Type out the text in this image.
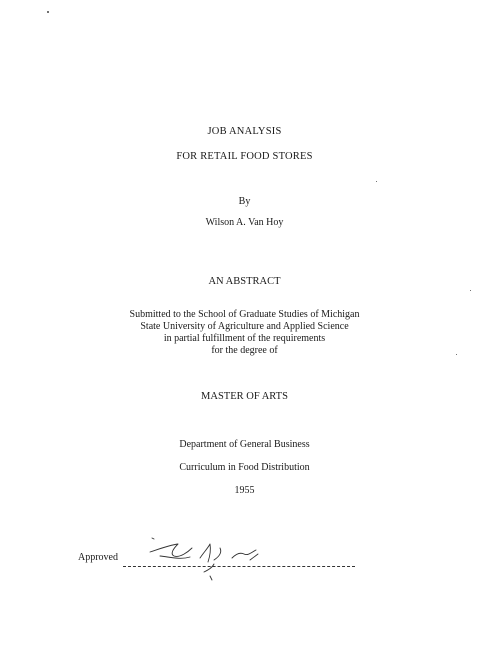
JOB ANALYSIS
FOR RETAIL FOOD STORES
By
Wilson A. Van Hoy
AN ABSTRACT
Submitted to the School of Graduate Studies of Michigan
State University of Agriculture and Applied Science
in partial fulfillment of the requirements
for the degree of
MASTER OF ARTS
Department of General Business
Curriculum in Food Distribution
1955
Approved
